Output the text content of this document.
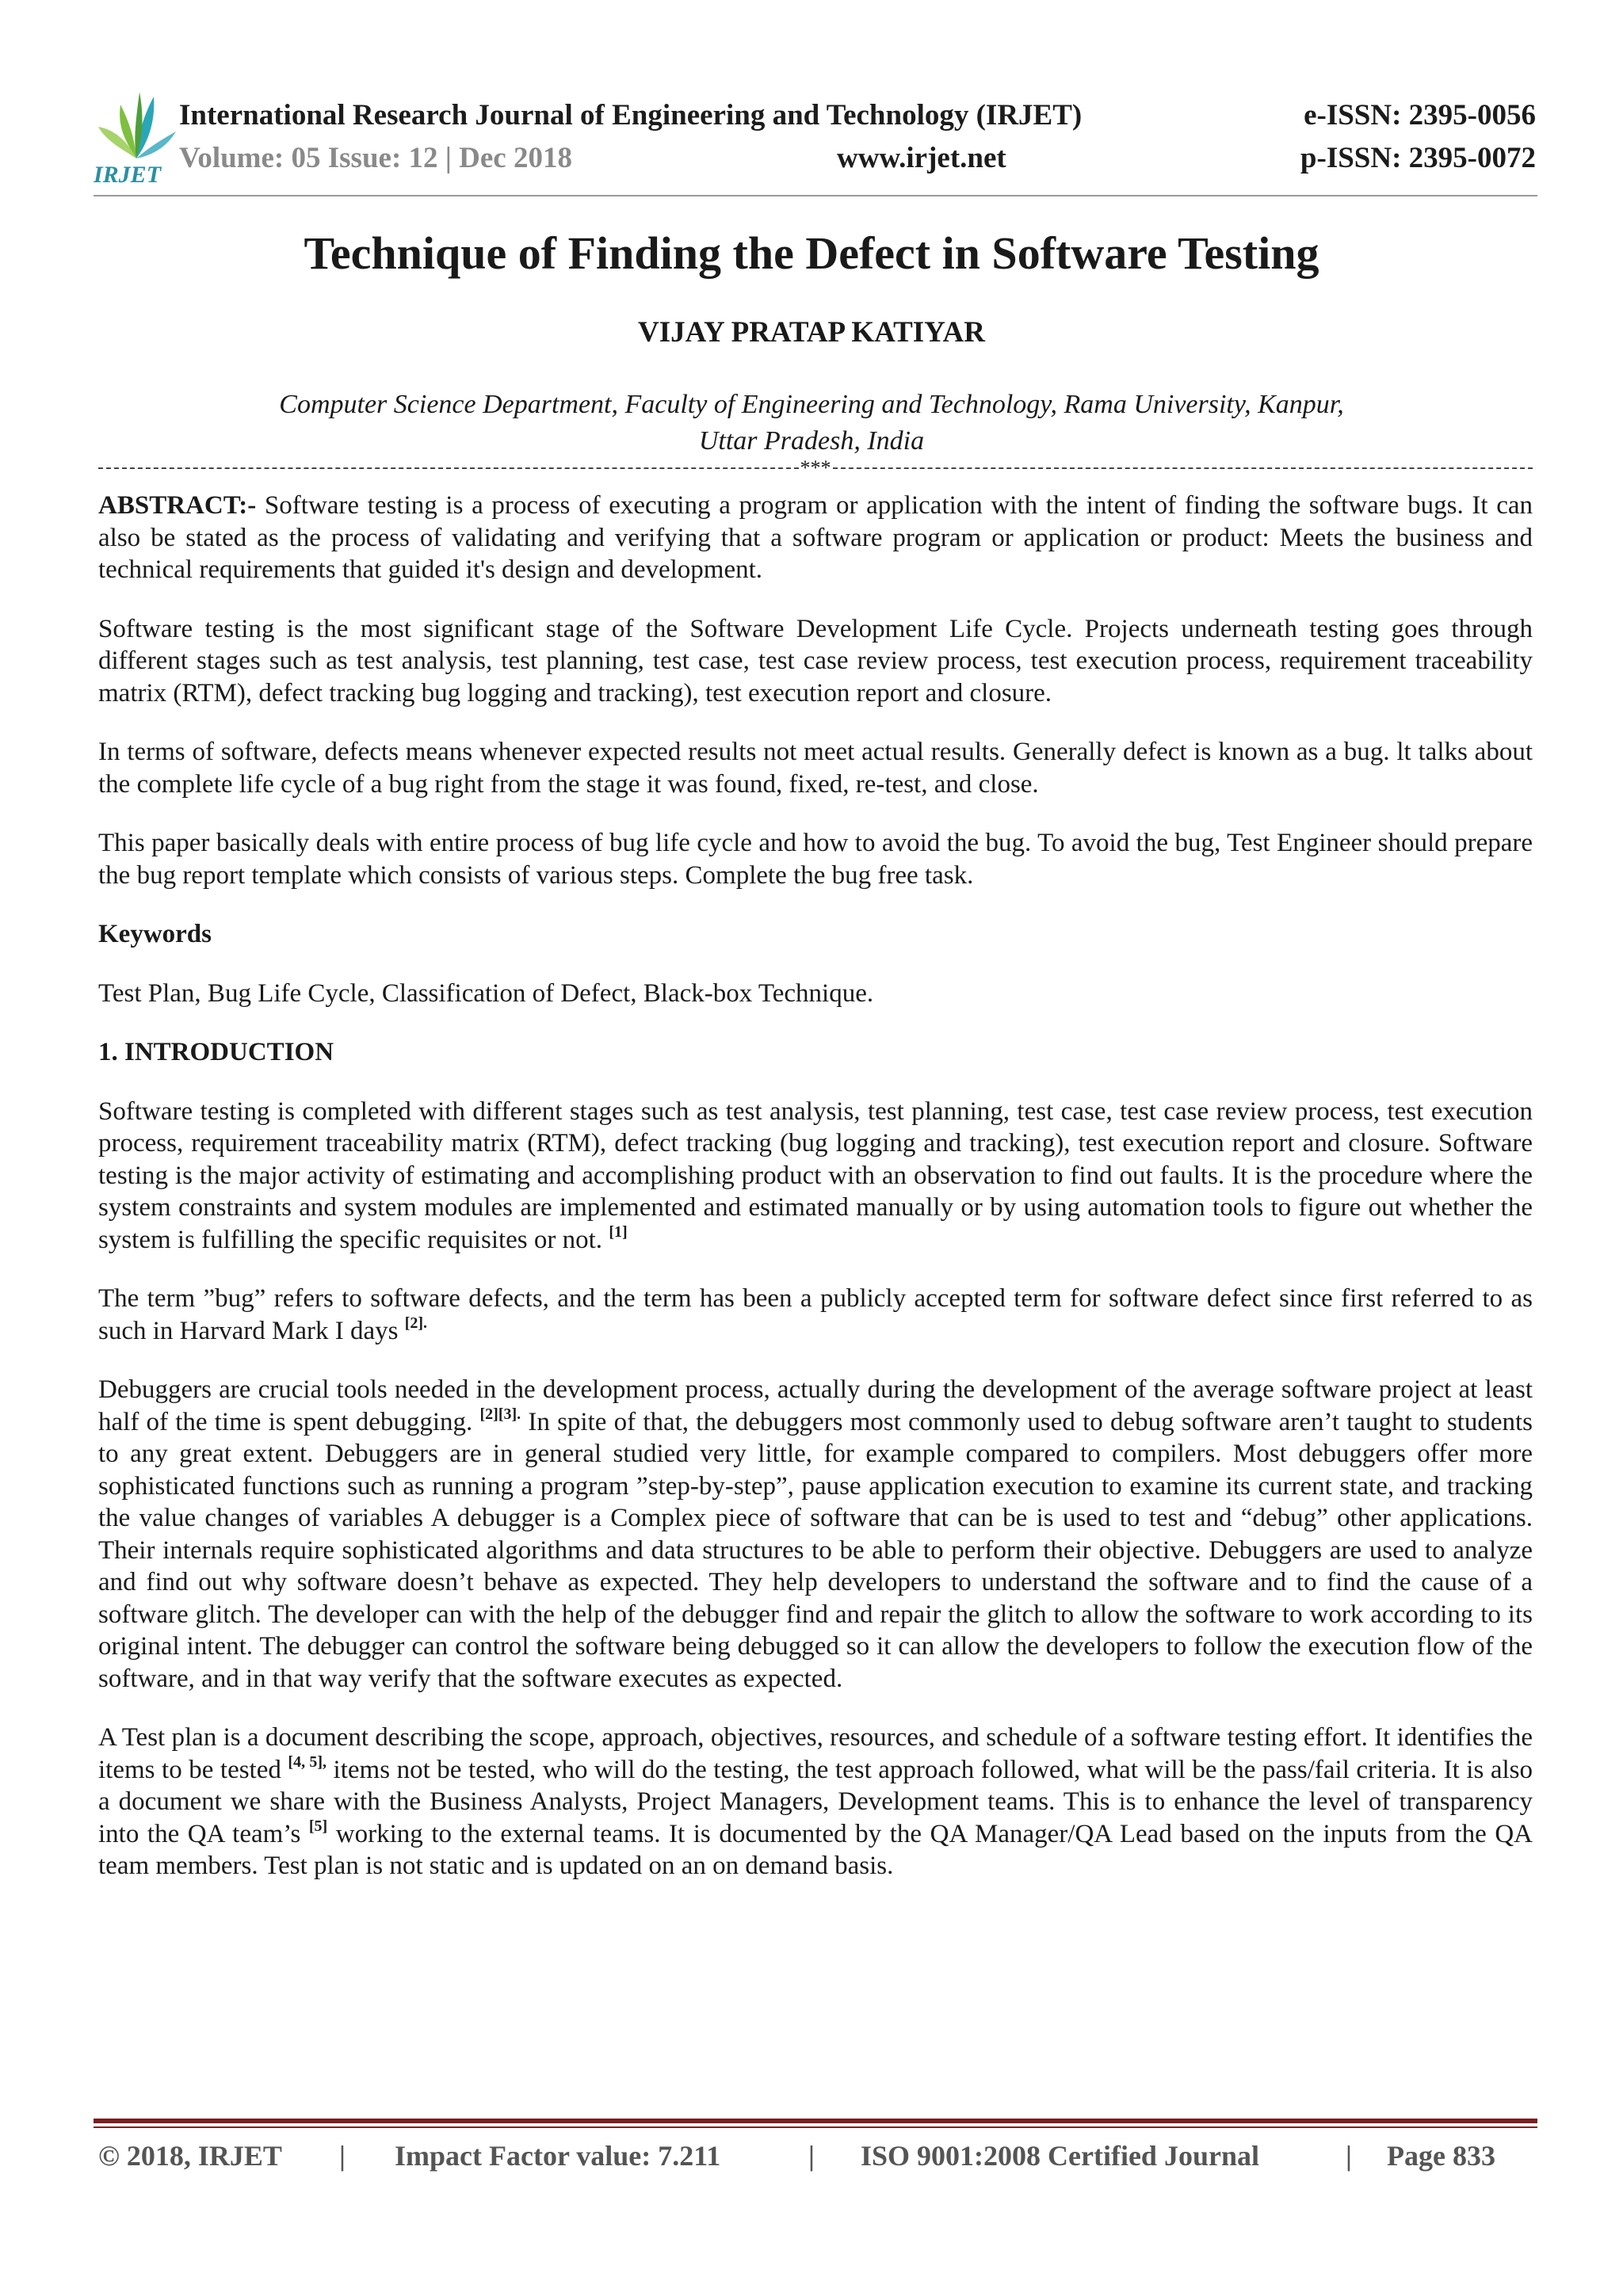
IRJET
International Research Journal of Engineering and Technology (IRJET)	e-ISSN: 2395-0056
Volume: 05 Issue: 12 | Dec 2018	www.irjet.net	p-ISSN: 2395-0072
Technique of Finding the Defect in Software Testing
VIJAY PRATAP KATIYAR
Computer Science Department, Faculty of Engineering and Technology, Rama University, Kanpur,
Uttar Pradesh, India
***

ABSTRACT:- Software testing is a process of executing a program or application with the intent of finding the software bugs. It can also be stated as the process of validating and verifying that a software program or application or product: Meets the business and technical requirements that guided it's design and development.

Software testing is the most significant stage of the Software Development Life Cycle. Projects underneath testing goes through different stages such as test analysis, test planning, test case, test case review process, test execution process, requirement traceability matrix (RTM), defect tracking bug logging and tracking), test execution report and closure.

In terms of software, defects means whenever expected results not meet actual results. Generally defect is known as a bug. lt talks about the complete life cycle of a bug right from the stage it was found, fixed, re-test, and close.

This paper basically deals with entire process of bug life cycle and how to avoid the bug. To avoid the bug, Test Engineer should prepare the bug report template which consists of various steps. Complete the bug free task.

Keywords

Test Plan, Bug Life Cycle, Classification of Defect, Black-box Technique.

1. INTRODUCTION

Software testing is completed with different stages such as test analysis, test planning, test case, test case review process, test execution process, requirement traceability matrix (RTM), defect tracking (bug logging and tracking), test execution report and closure. Software testing is the major activity of estimating and accomplishing product with an observation to find out faults. It is the procedure where the system constraints and system modules are implemented and estimated manually or by using automation tools to figure out whether the system is fulfilling the specific requisites or not. [1]

The term ”bug” refers to software defects, and the term has been a publicly accepted term for software defect since first referred to as such in Harvard Mark I days $^{[2].}$

Debuggers are crucial tools needed in the development process, actually during the development of the average software project at least half of the time is spent debugging. $^{[2][3].}$ In spite of that, the debuggers most commonly used to debug software aren’t taught to students to any great extent. Debuggers are in general studied very little, for example compared to compilers. Most debuggers offer more sophisticated functions such as running a program ”step-by-step”, pause application execution to examine its current state, and tracking the value changes of variables A debugger is a Complex piece of software that can be is used to test and “debug” other applications. Their internals require sophisticated algorithms and data structures to be able to perform their objective. Debuggers are used to analyze and find out why software doesn’t behave as expected. They help developers to understand the software and to find the cause of a software glitch. The developer can with the help of the debugger find and repair the glitch to allow the software to work according to its original intent. The debugger can control the software being debugged so it can allow the developers to follow the execution flow of the software, and in that way verify that the software executes as expected.

A Test plan is a document describing the scope, approach, objectives, resources, and schedule of a software testing effort. It identifies the items to be tested $^{[4, 5],}$ items not be tested, who will do the testing, the test approach followed, what will be the pass/fail criteria. It is also a document we share with the Business Analysts, Project Managers, Development teams. This is to enhance the level of transparency into the QA team’s [5] working to the external teams. It is documented by the QA Manager/QA Lead based on the inputs from the QA team members. Test plan is not static and is updated on an on demand basis.

© 2018, IRJET | Impact Factor value: 7.211	| ISO 9001:2008 Certified Journal	| Page 833
